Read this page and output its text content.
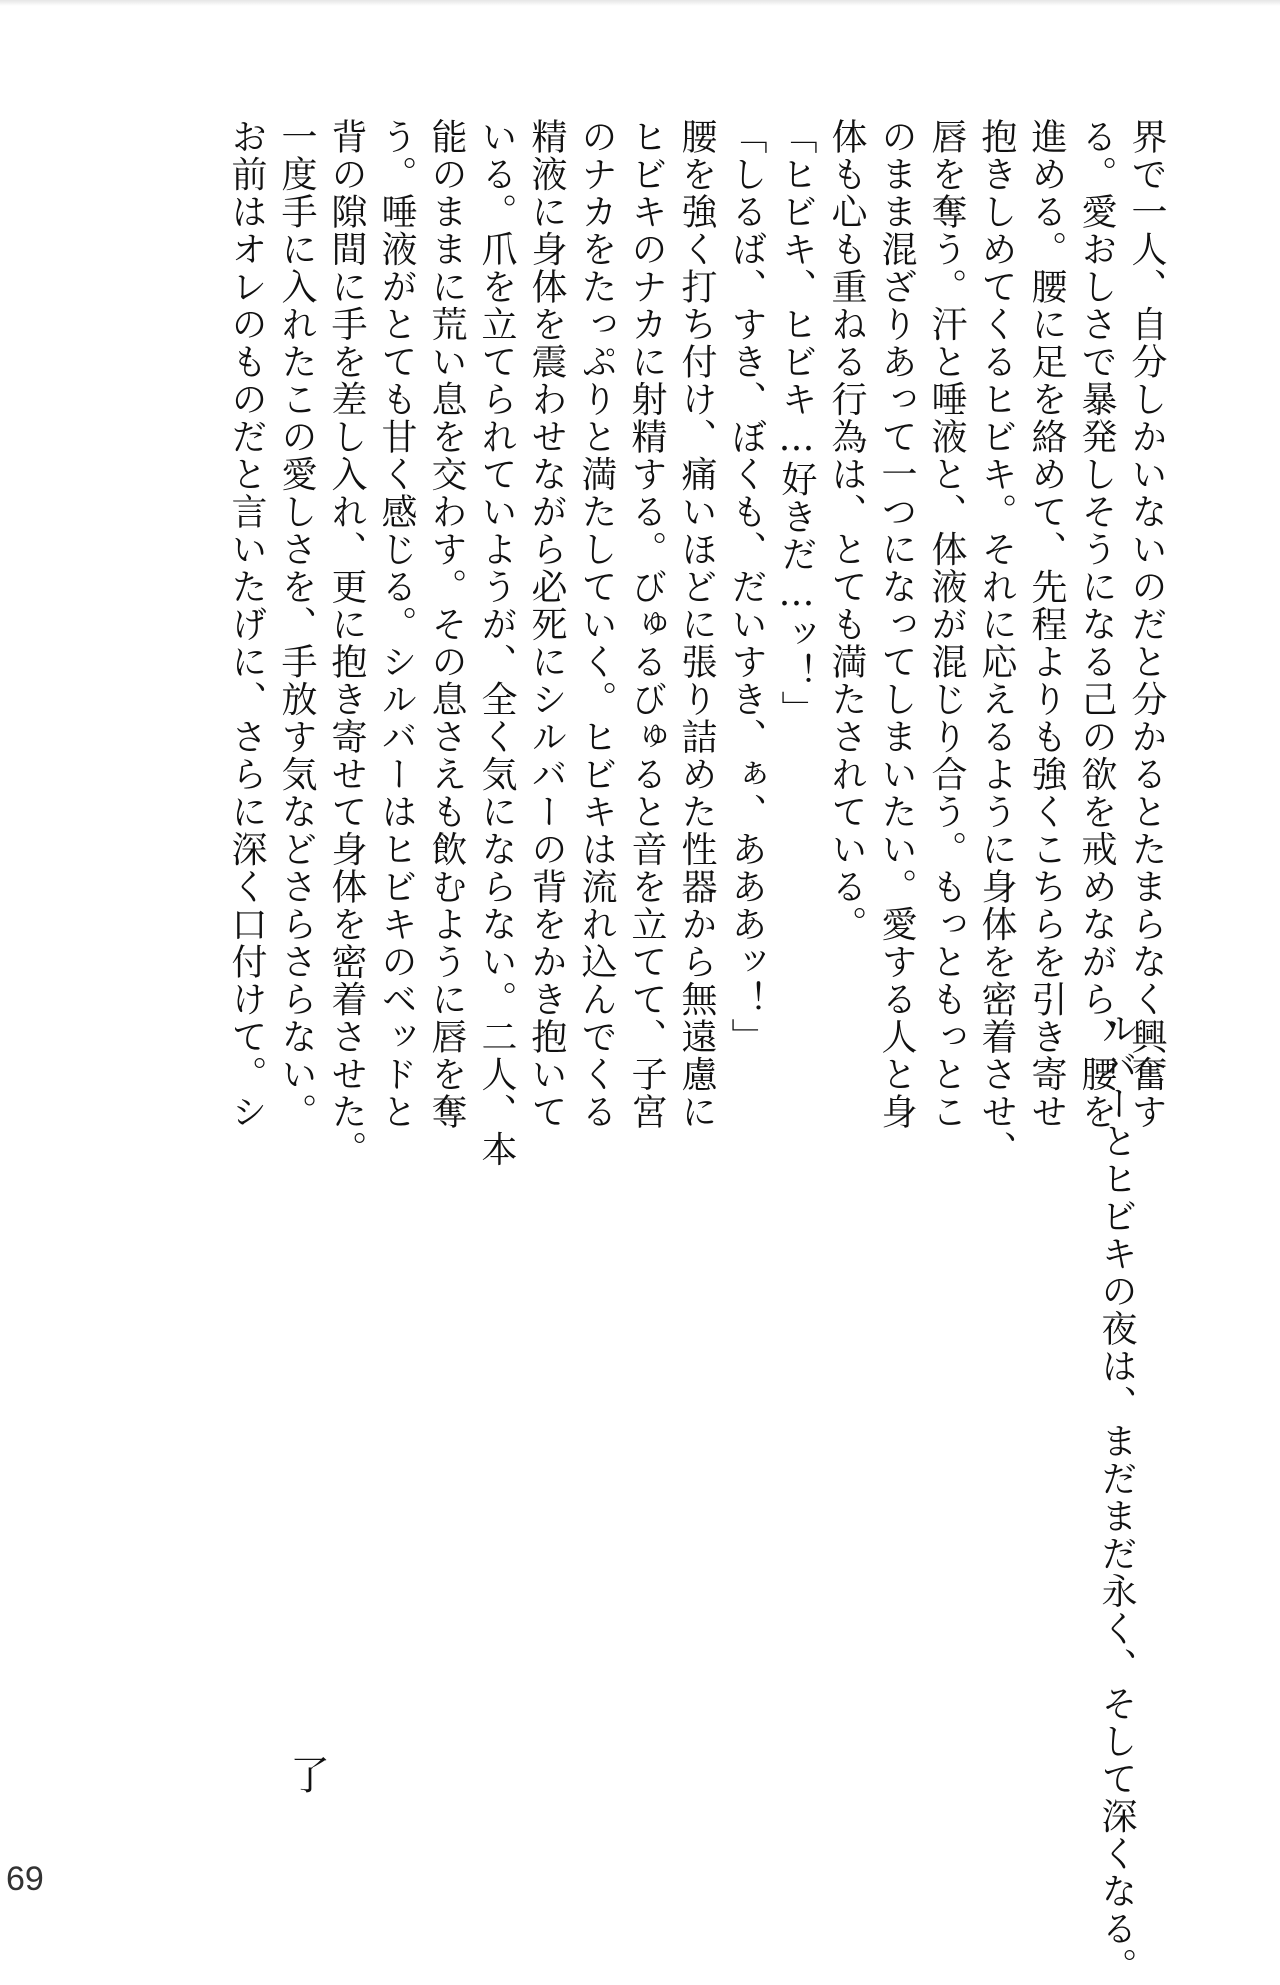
界で一人、自分しかいないのだと分かるとたまらなく興奮す
る。愛おしさで暴発しそうになる己の欲を戒めながら、腰を
進める。腰に足を絡めて、先程よりも強くこちらを引き寄せ
抱きしめてくるヒビキ。それに応えるように身体を密着させ、
唇を奪う。汗と唾液と、体液が混じり合う。もっともっとこ
のまま混ざりあって一つになってしまいたい。愛する人と身
体も心も重ねる行為は、とても満たされている。
「ヒビキ、ヒビキ…好きだ…ッ！」
「しるば、すき、ぼくも、だいすき、ぁ、あああッ！」
腰を強く打ち付け、痛いほどに張り詰めた性器から無遠慮に
ヒビキのナカに射精する。びゅるびゅると音を立てて、子宮
のナカをたっぷりと満たしていく。ヒビキは流れ込んでくる
精液に身体を震わせながら必死にシルバーの背をかき抱いて
いる。爪を立てられていようが、全く気にならない。二人、本
能のままに荒い息を交わす。その息さえも飲むように唇を奪
う。唾液がとても甘く感じる。シルバーはヒビキのベッドと
背の隙間に手を差し入れ、更に抱き寄せて身体を密着させた。
一度手に入れたこの愛しさを、手放す気などさらさらない。
お前はオレのものだと言いたげに、さらに深く口付けて。シ
ルバーとヒビキの夜は、まだまだ永く、そして深くなる。
了
69
